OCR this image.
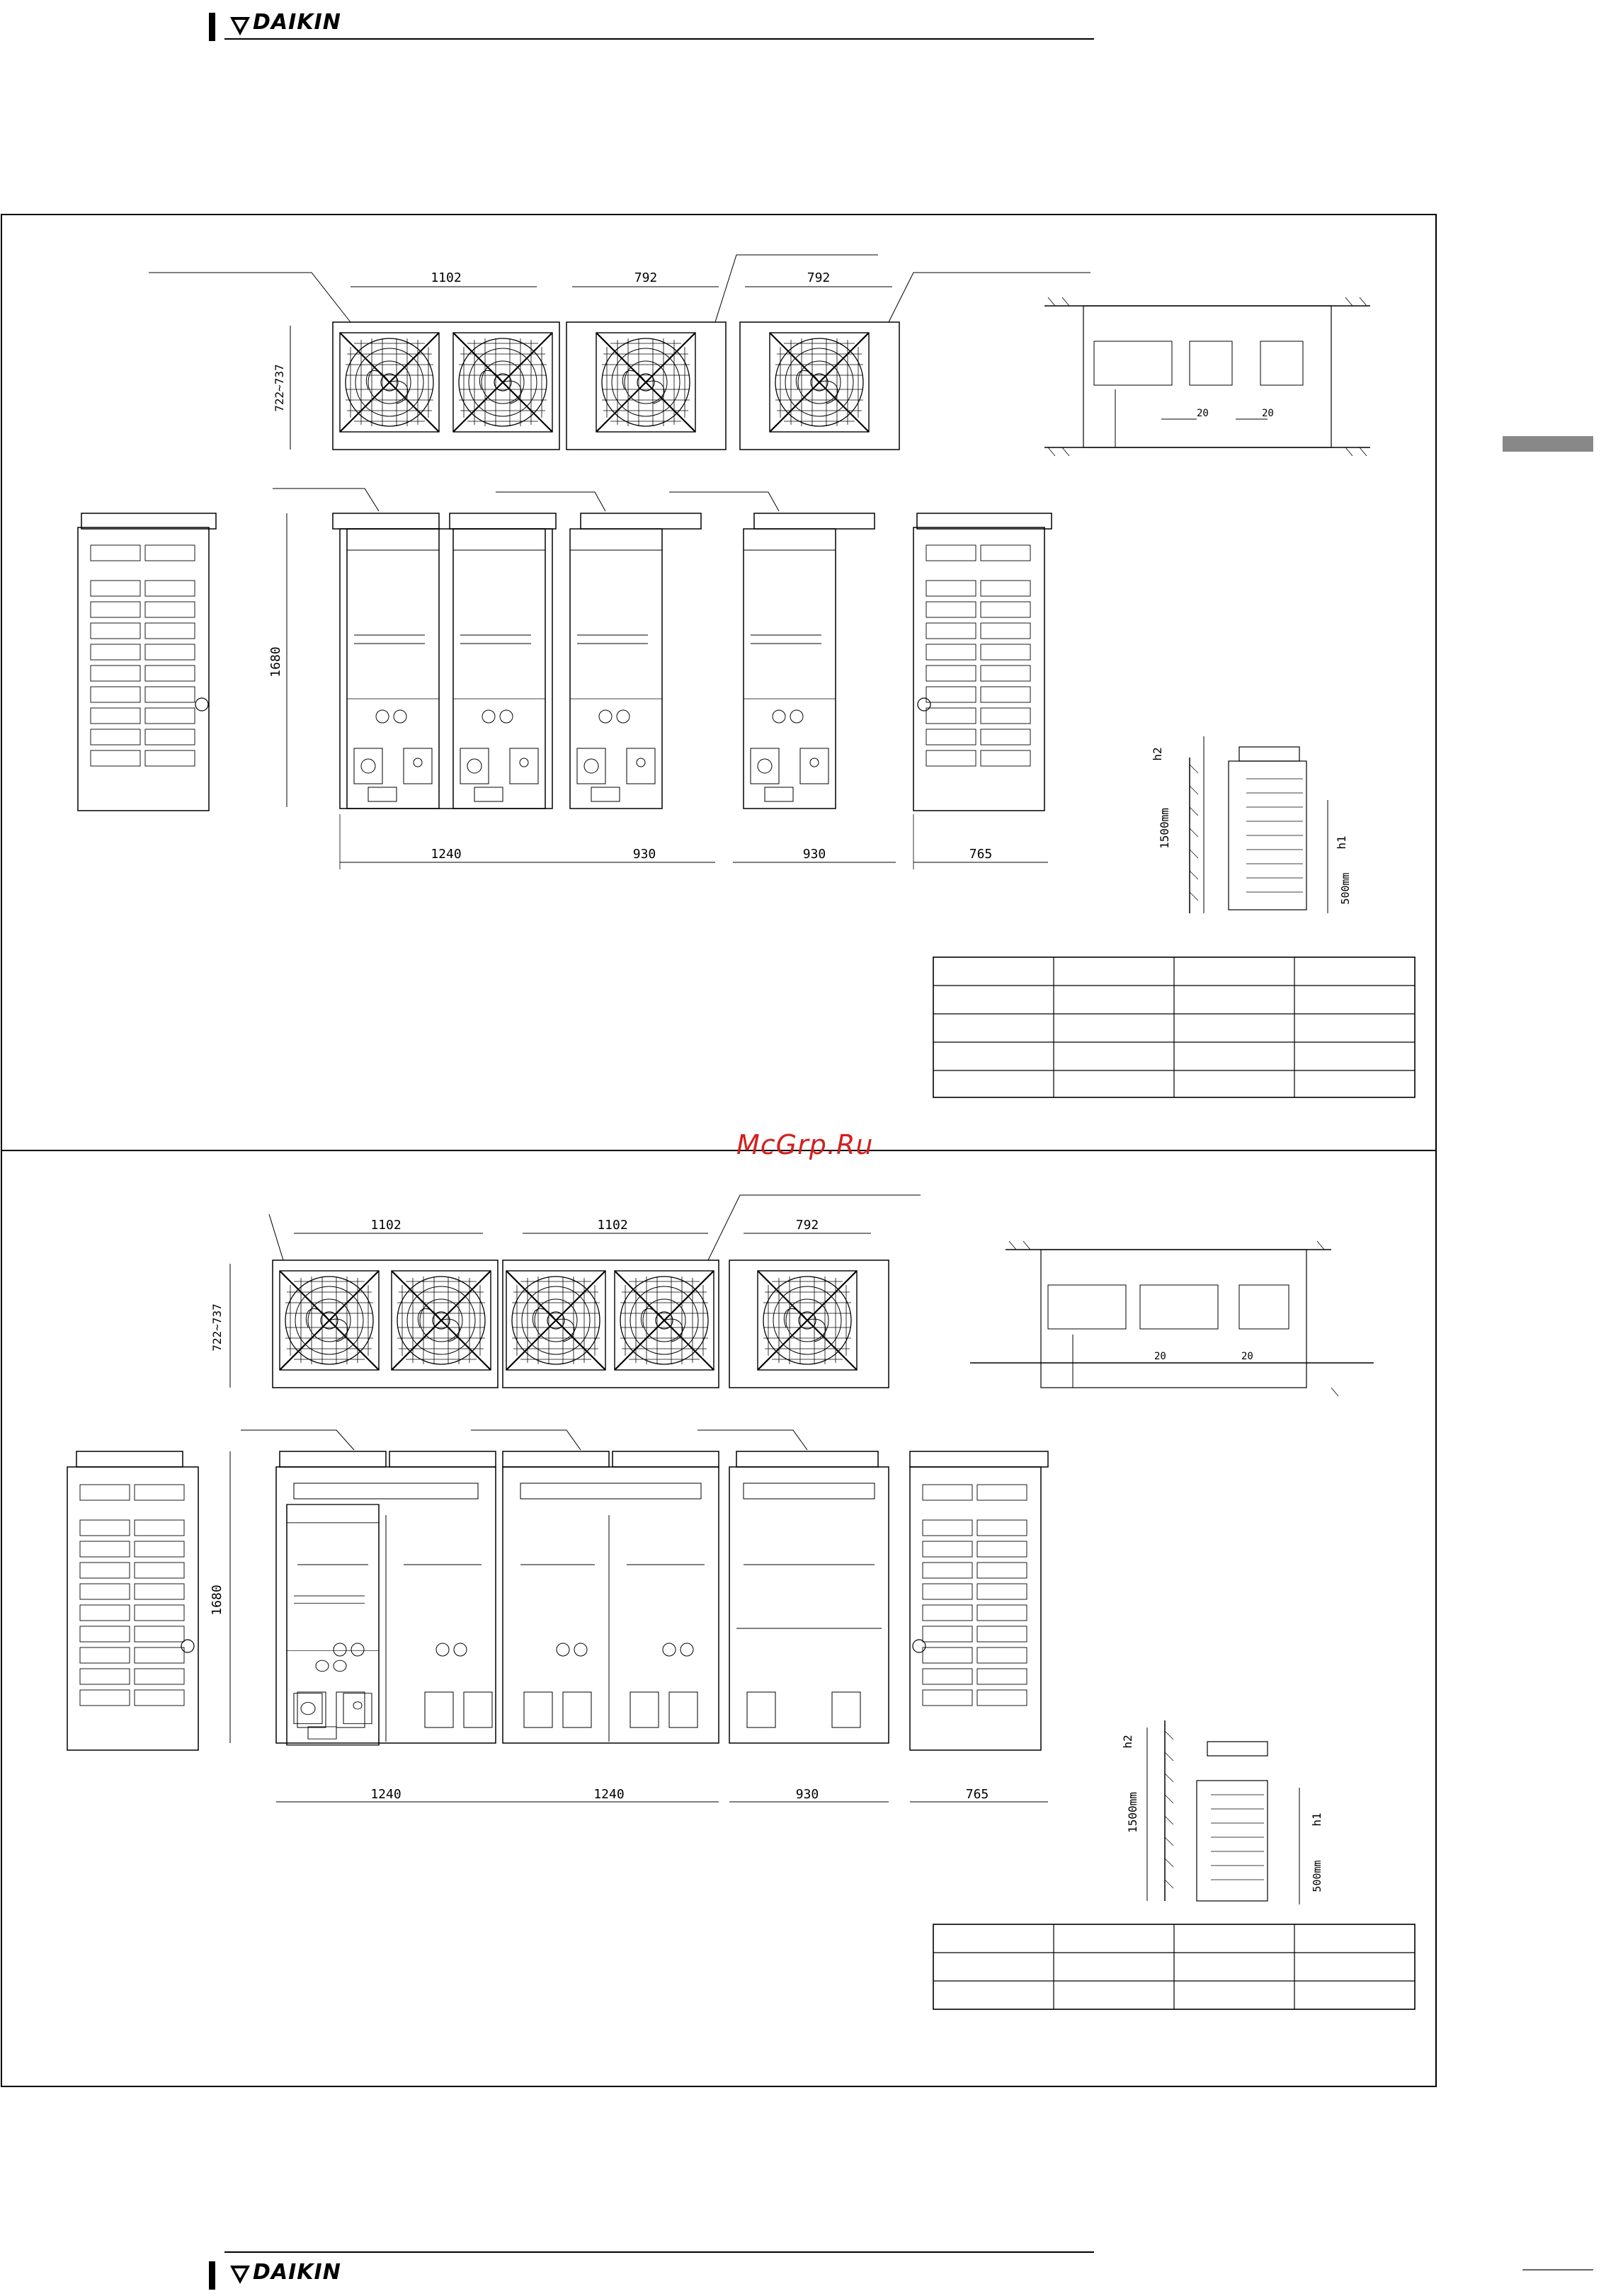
DAIKIN
1102	792	792
722~737
20	20
1680
1240	930	930	765
1500mm
h2
h1
500mm
1102	1102	792
722~737
20	20
1680
1240	1240	930	765	1500mm
h2
h1
500mm
McGrp.Ru
DAIKIN
